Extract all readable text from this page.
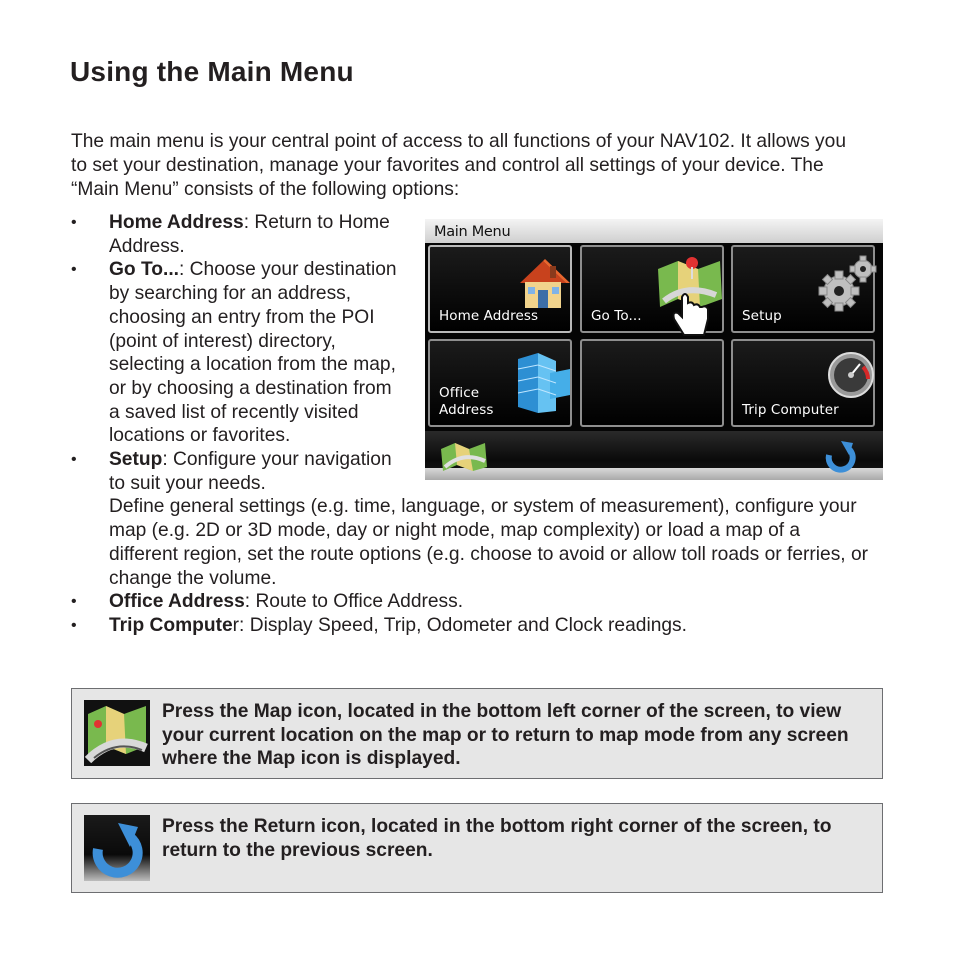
Using the Main Menu

The main menu is your central point of access to all functions of your NAV102. It allows you to set your destination, manage your favorites and control all settings of your device. The “Main Menu” consists of the following options:

• Home Address: Return to Home Address.
• Go To...: Choose your destination by searching for an address, choosing an entry from the POI (point of interest) directory, selecting a location from the map, or by choosing a destination from a saved list of recently visited locations or favorites.
• Setup: Configure your navigation to suit your needs.
Define general settings (e.g. time, language, or system of measurement), configure your map (e.g. 2D or 3D mode, day or night mode, map complexity) or load a map of a different region, set the route options (e.g. choose to avoid or allow toll roads or ferries, or change the volume.
• Office Address: Route to Office Address.
• Trip Computer: Display Speed, Trip, Odometer and Clock readings.
Main Menu
Home Address	Go To...	Setup
Office
Address	Trip Computer

Press the Map icon, located in the bottom left corner of the screen, to view your current location on the map or to return to map mode from any screen where the Map icon is displayed.

Press the Return icon, located in the bottom right corner of the screen, to return to the previous screen.
